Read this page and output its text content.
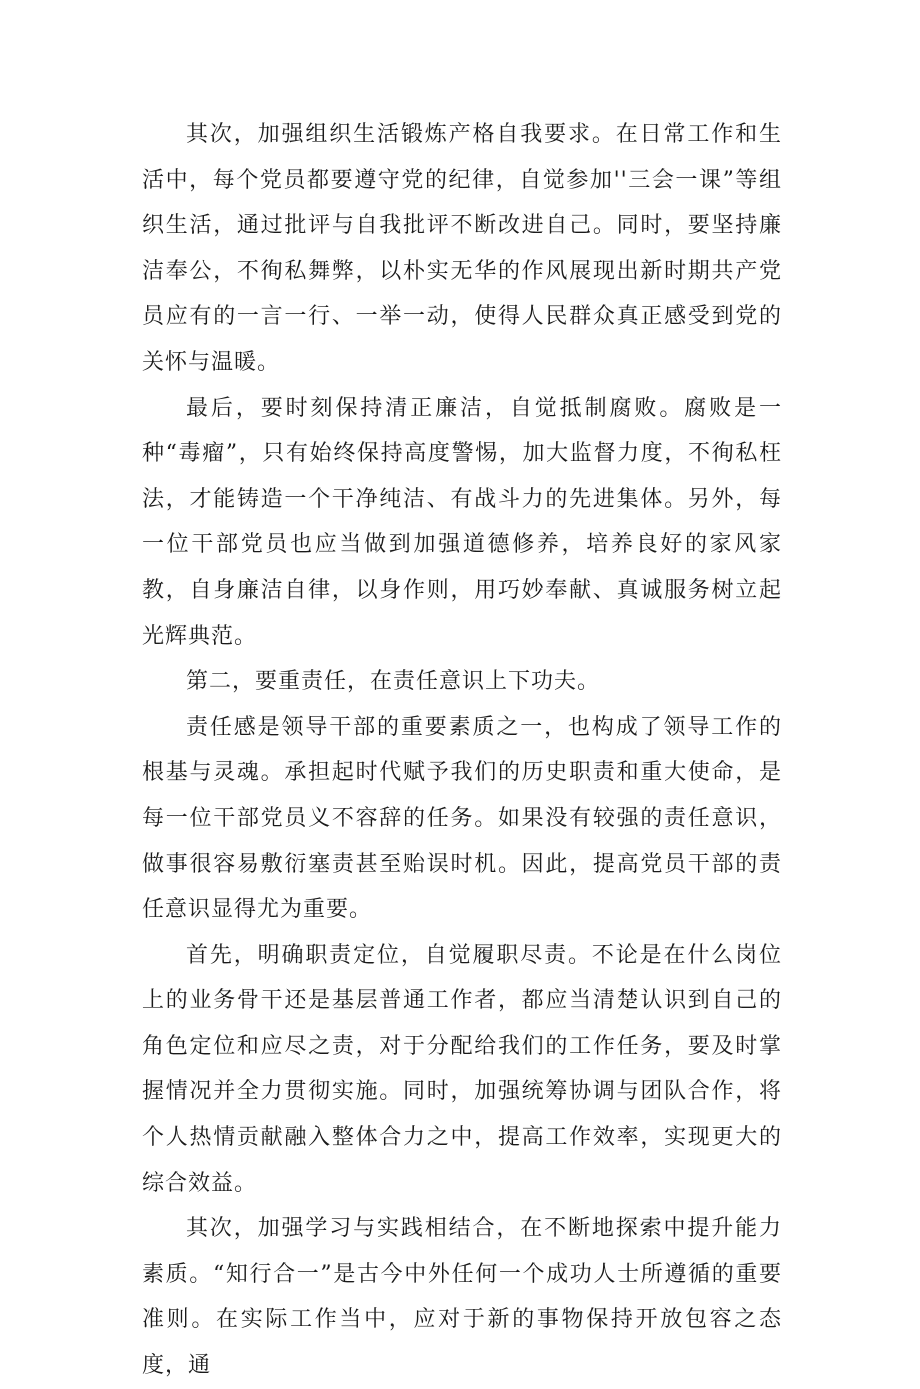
其次，加强组织生活锻炼产格自我要求。在日常工作和生活中，每个党员都要遵守党的纪律，自觉参加''三会一课”等组织生活，通过批评与自我批评不断改进自己。同时，要坚持廉洁奉公，不徇私舞弊，以朴实无华的作风展现出新时期共产党员应有的一言一行、一举一动，使得人民群众真正感受到党的关怀与温暖。

最后，要时刻保持清正廉洁，自觉抵制腐败。腐败是一种“毒瘤”，只有始终保持高度警惕，加大监督力度，不徇私枉法，才能铸造一个干净纯洁、有战斗力的先进集体。另外，每一位干部党员也应当做到加强道德修养，培养良好的家风家教，自身廉洁自律，以身作则，用巧妙奉献、真诚服务树立起光辉典范。

第二，要重责任，在责任意识上下功夫。

责任感是领导干部的重要素质之一，也构成了领导工作的根基与灵魂。承担起时代赋予我们的历史职责和重大使命，是每一位干部党员义不容辞的任务。如果没有较强的责任意识，做事很容易敷衍塞责甚至贻误时机。因此，提高党员干部的责任意识显得尤为重要。

首先，明确职责定位，自觉履职尽责。不论是在什么岗位上的业务骨干还是基层普通工作者，都应当清楚认识到自己的角色定位和应尽之责，对于分配给我们的工作任务，要及时掌握情况并全力贯彻实施。同时，加强统筹协调与团队合作，将个人热情贡献融入整体合力之中，提高工作效率，实现更大的综合效益。

其次，加强学习与实践相结合，在不断地探索中提升能力素质。“知行合一”是古今中外任何一个成功人士所遵循的重要准则。在实际工作当中，应对于新的事物保持开放包容之态度，通
